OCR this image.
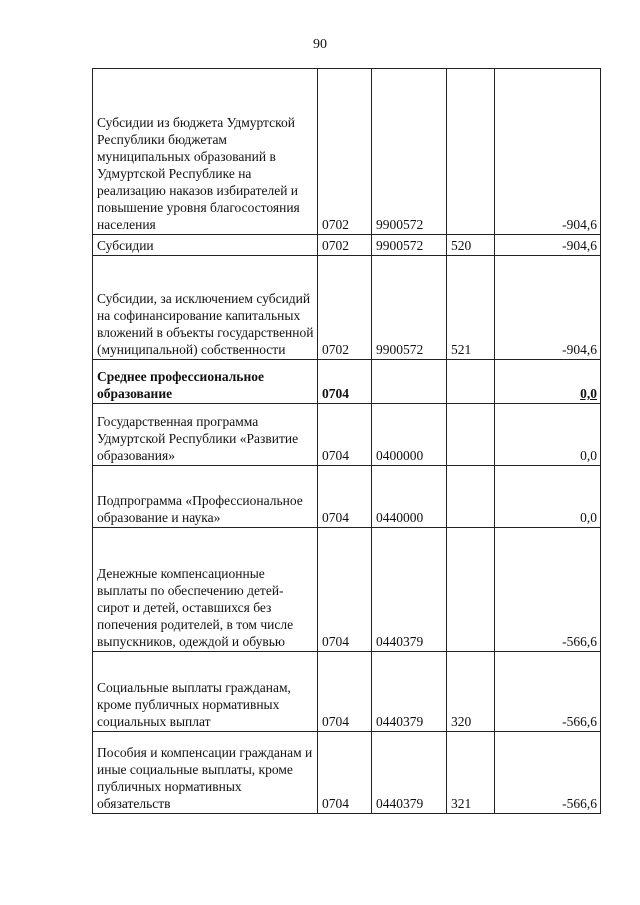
90
Субсидии из бюджета Удмуртской Республики бюджетам муниципальных образований в Удмуртской Республике на реализацию наказов избирателей и повышение уровня благосостояния населения	0702	9900572		-904,6
Субсидии	0702	9900572	520	-904,6
Субсидии, за исключением субсидий на софинансирование капитальных вложений в объекты государственной (муниципальной) собственности	0702	9900572	521	-904,6
Среднее профессиональное образование	0704			0,0
Государственная программа Удмуртской Республики «Развитие образования»	0704	0400000		0,0
Подпрограмма «Профессиональное образование и наука»	0704	0440000		0,0
Денежные компенсационные выплаты по обеспечению детей-сирот и детей, оставшихся без попечения родителей, в том числе выпускников, одеждой и обувью	0704	0440379		-566,6
Социальные выплаты гражданам, кроме публичных нормативных социальных выплат	0704	0440379	320	-566,6
Пособия и компенсации гражданам и иные социальные выплаты, кроме публичных нормативных обязательств	0704	0440379	321	-566,6
